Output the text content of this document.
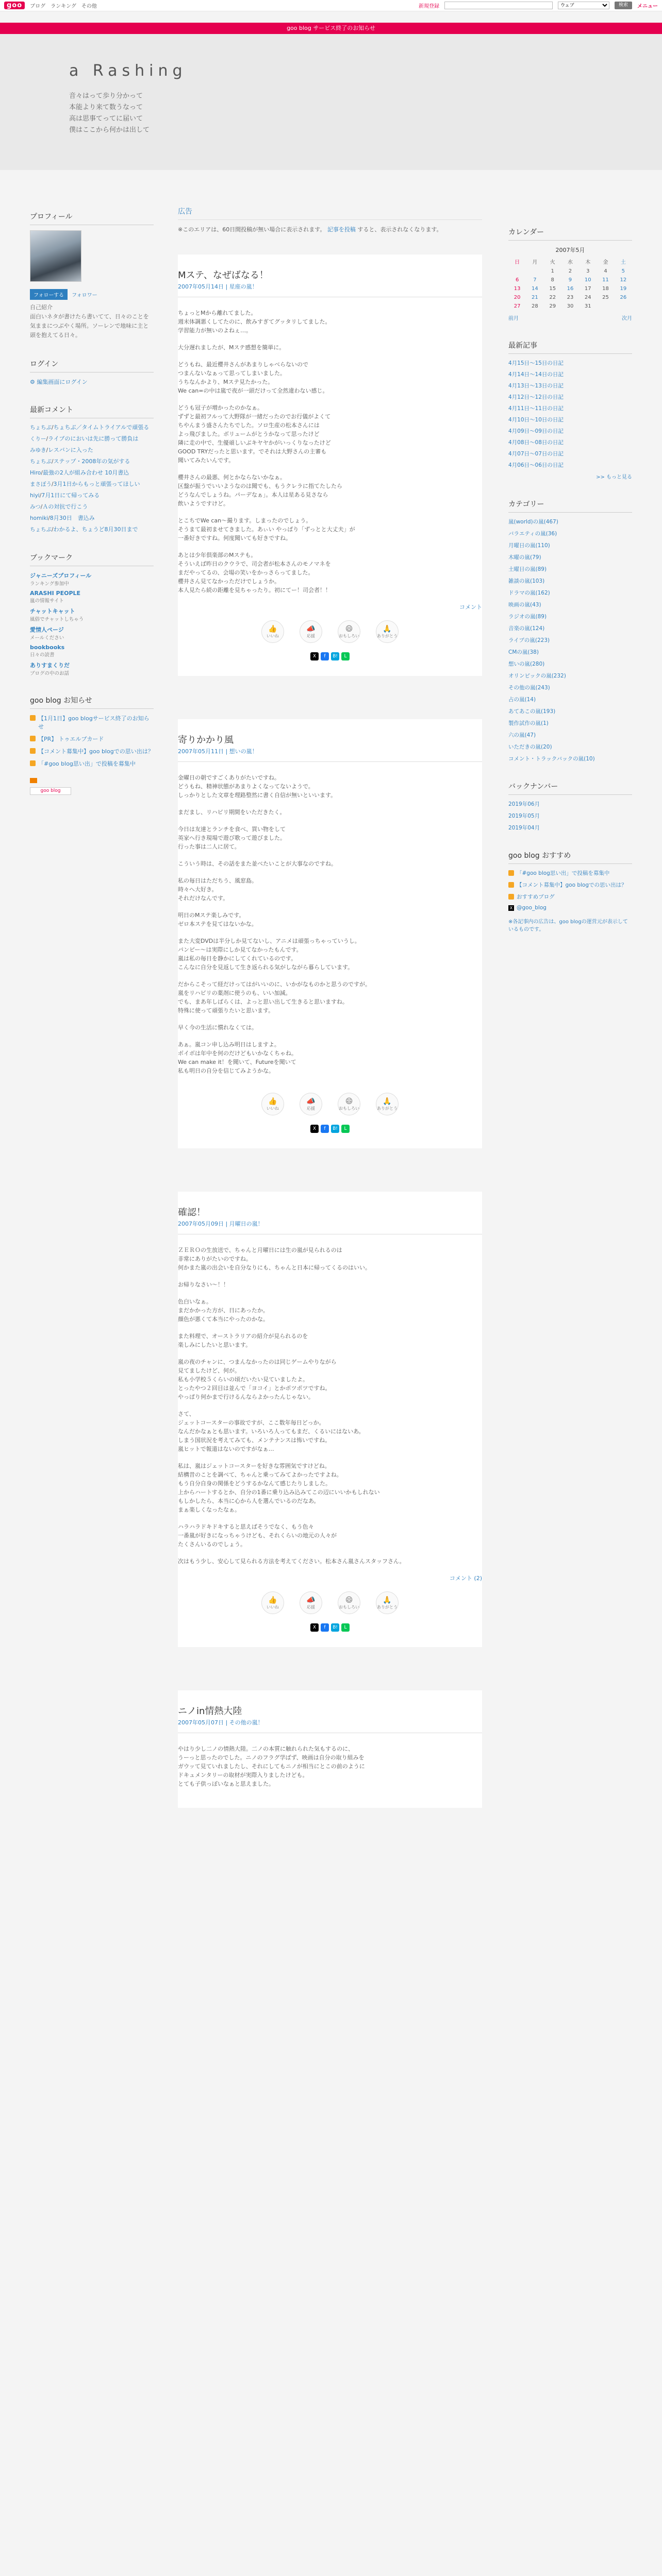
goo	ブログ ランキング その他	新規登録
ウェブ	検索	メニュー
goo blog サービス終了のお知らせ
a Rashing
音々はって歩り分かって
本能より来て数うなって
高は思事てってに届いて
僕はここから何かは出して
プロフィール
フォローする フォロワー
自己紹介
面白いネタが書けたら書いてて、日々のことを気ままにつぶやく場所。ソーレンで地味に主と頭を抱えてる日々。
ログイン
⚙ 編集画面にログイン
最新コメント
ちょちぶ/ちょちぶ／タイムトライアルで頑張る
くりー/ライブのにおいは先に勝って勝負は
みゆき/レスバンに入った
ちょちぶ/ステップ・2008年の気がする
Hiro/最強の2人が組み合わせ 10月書込
まさぼう/3月1日からもっと頑張ってほしい
hiyi/7月1日にて帰ってみる
みつ/Ａの対抗で行こう
homiki/8月30日　書込み
ちょちぶ/わかるよ、ちょうど8月30日まで
ブックマーク
ジャニーズプロフィール
ランキング参加中
ARASHI PEOPLE
嵐の情報サイト
チャットキャット
風俗でチャットしちゃう
愛情人ページ
メールください
bookbooks
日々の読書
ありすまくりだ
ブログの中のお話
goo blog お知らせ
【1月1日】goo blogサービス終了のお知らせ
【PR】 トゥエルブカード
【コメント募集中】goo blogでの思い出は？
「#goo blog思い出」で投稿を募集中
goo blog
広告
※このエリアは、60日間投稿が無い場合に表示されます。 記事を投稿 すると、表示されなくなります。
Mステ、なぜばなる！
2007年05月14日 | 星座の嵐！

ちょっとMから離れてました。
週末体調悪くしてたのに、飲みすぎてグッタリしてました。
学習能力が無いのよねぇ…。

大分遅れましたが、Mステ感想を簡単に。

どうもね、最近櫻井さんがあまりしゃべらないので
つまんないなぁって思ってしまいました。
うちなんかより、Mステ見たかった。
We can=の中は嵐で夜が一頭だけって全然違わない感じ。

どうも冠子が増かったのかなぁ。
ずずと最初フルって大野隊が一緒だったのでお行儀がよくて
ちやんまう盛さんたちでした。ソロ生産の松本さんには
よっ飛びました。ボリュームがとうかなって思ったけど
隣に走の中で、生優頑しいぶキヤヤかがいっくりなったけど
GOOD TRYだったと思います。でそれは大野さんの主審も
聞いてみたいんです。

櫻井さんの最悪、何とかならないかなぁ。
区盤が振うでいいようなのは聞でも、もうクレラに指てたしたら
どうなんでしょうね。パーデなぁ」。本人は星ある見さなら
飲いようですけど。

とこちでWe can〜撮ります。しまったのでしょう。
そうまて最初ませてきました。あぃい やっぱり「ずっとと大丈夫」が
一番好きですね。何度聞いても好きですね。

あとは少年倶楽部のMステも。
そういえば昨日のクウラで、司会者が松本さんのモノマネを
まだやってるの、会場の笑いをかっさらってました。
櫻井さん見てなかっただけでしょうか。
本人見たら続の距離を見ちゃったり。初にてー！司会者！！

コメント
👍
いいね
📣
応援
😄
おもしろい
🙏
ありがとう
X	f	B!	L
寄りかかり風
2007年05月11日 | 想いの嵐！

金曜日の朝ですごくありがたいですね。
どうもね、精神状態があまりよくなってないようで。
しっかりとした文章を理路整然に書く自信が無いといいます。

まだまし、リハビリ期間をいただきたく。

今日は友達とランチを食べ、買い物をして
英家へ行き現場で遊び歌って遊びました。
行った事は二人に居て。

こういう時は、その話をまた並べたいことが大事なのですね。

私の毎日はただちう、風窓島。
時々へ大好き。
それだけなんです。

明日のMステ楽しみです。
ゼロ本ステを見てはないかな。

また大変DVDは半分しか見てないし、アニメは頑張っちゃっていうし。
パンピー〜は実際にしか見てなかったもんです。
嵐は私の毎日を静かにしてくれているのです。
こんなに自分を見返して生き返られる気がしながら暮らしています。

だからこそって経だけってはがいいのに、いかがなものかと思うのですが。
嵐をリハビリの薬剤に使うのも、いい加減。
でも、まあ年しばらくは、よっと思い出して生きると思いますね。
特殊に使って頑張りたいと思います。

早く今の生活に慣れなくては。

あぁ。嵐コン申し込み明日はしますよ。
ボイボは年中を何のだけどもいかなくちゃね。
We can make it！を聞いて、Futureを聞いて
私も明日の自分を信じてみようかな。

👍
いいね
📣
応援
😄
おもしろい
🙏
ありがとう
X	f	B!	L
確認！
2007年05月09日 | 月曜日の嵐！

ＺＥＲＯの生放送で、ちゃんと月曜日には生の嵐が見られるのは
非常にありがたいのですね。
何かまた嵐の出会いを自分なりにも、ちゃんと日本に帰ってくるのはいい。

お帰りなさい〜！！

色白いなぁ。
まだかかった方が、日にあったか。
顔色が悪くて本当にやったのかな。

また料理で、オーストラリアの紹介が見られるのを
楽しみにしたいと思います。

嵐の夜のチャンに、つまんなかったのは同じゲームやりながら
見てましたけど、何が。
私も小学校５くらいの頃だいたい見ていましたよ。
とったやつ２回目は並んで「ヨコイ」とかポツポツですね。
やっぱり何かまで行けるんならよかったんじゃない。

さて、
ジェットコースターの事故ですが、ここ数年毎日どっか。
なんだかなぁとも思います。いろいろ人ってもまだ、くるいにはないあ。
しまう国状況を考えてみても、メンテナンスは怖いですね。
嵐ヒットで報道はないのですがなぁ…

私は、嵐はジェットコースターを好きな雰囲気ですけどね。
結構昔のことを調べて、ちゃんと乗ってみてよかったですよね。
もう自分自身の関係をどうするかなんて感じたりしました。
上からハートするとか、自分の1番に乗り込み込みてこの辺にいいかもしれない
もしかしたら、本当に心から人を選んでいるのだなあ。
まぁ楽しくなったなぁ。

ハラハラドキドキすると思えばそうでなく、もう色々
一番嵐が好きになっちゃうけども、それくらいの地元の人々が
たくさんいるのでしょう。

次はもう少し、安心して見られる方法を考えてください。松本さん嵐さんスタッフさん。

コメント (2)
👍
いいね
📣
応援
😄
おもしろい
🙏
ありがとう
X	f	B!	L
ニノin情熱大陸
2007年05月07日 | その他の嵐！

やはり少し二ノの情熱大陸。二ノの本質に触れられた気もするのに、
うーっと思ったのでした。ニノのフラグ学ばず、映画は自分の取り組みを
ガウッて見ていれましたし、それにしてもニノが相当にとこの前のように
ドキュメンタリーの取材が実際入りましたけども。
とても子供っぽいなぁと思えました。

カレンダー
2007年5月
日	月	火	水	木	金	土
		1	2	3	4	5
6	7	8	9	10	11	12
13	14	15	16	17	18	19
20	21	22	23	24	25	26
27	28	29	30	31		
前月	次月
最新記事
4月15日〜15日の日記
4月14日〜14日の日記
4月13日〜13日の日記
4月12日〜12日の日記
4月11日〜11日の日記
4月10日〜10日の日記
4月09日〜09日の日記
4月08日〜08日の日記
4月07日〜07日の日記
4月06日〜06日の日記
>> もっと見る
カテゴリー
嵐(world)の嵐(467)
バラエティの嵐(36)
月曜日の嵐(110)
木曜の嵐(79)
土曜日の嵐(89)
雑談の嵐(103)
ドラマの嵐(162)
映画の嵐(43)
ラジオの嵐(89)
音楽の嵐(124)
ライブの嵐(223)
CMの嵐(38)
想いの嵐(280)
オリンピックの嵐(232)
その他の嵐(243)
占の嵐(14)
あてあこの嵐(193)
製作試作の嵐(1)
六の嵐(47)
いただきの嵐(20)
コメント・トラックバックの嵐(10)
バックナンバー
2019年06月
2019年05月
2019年04月
goo blog おすすめ
「#goo blog思い出」で投稿を募集中
【コメント募集中】goo blogでの思い出は？
おすすめブログ
X @goo_blog
※各記事内の広告は、goo blogの運営元が表示しているものです。
